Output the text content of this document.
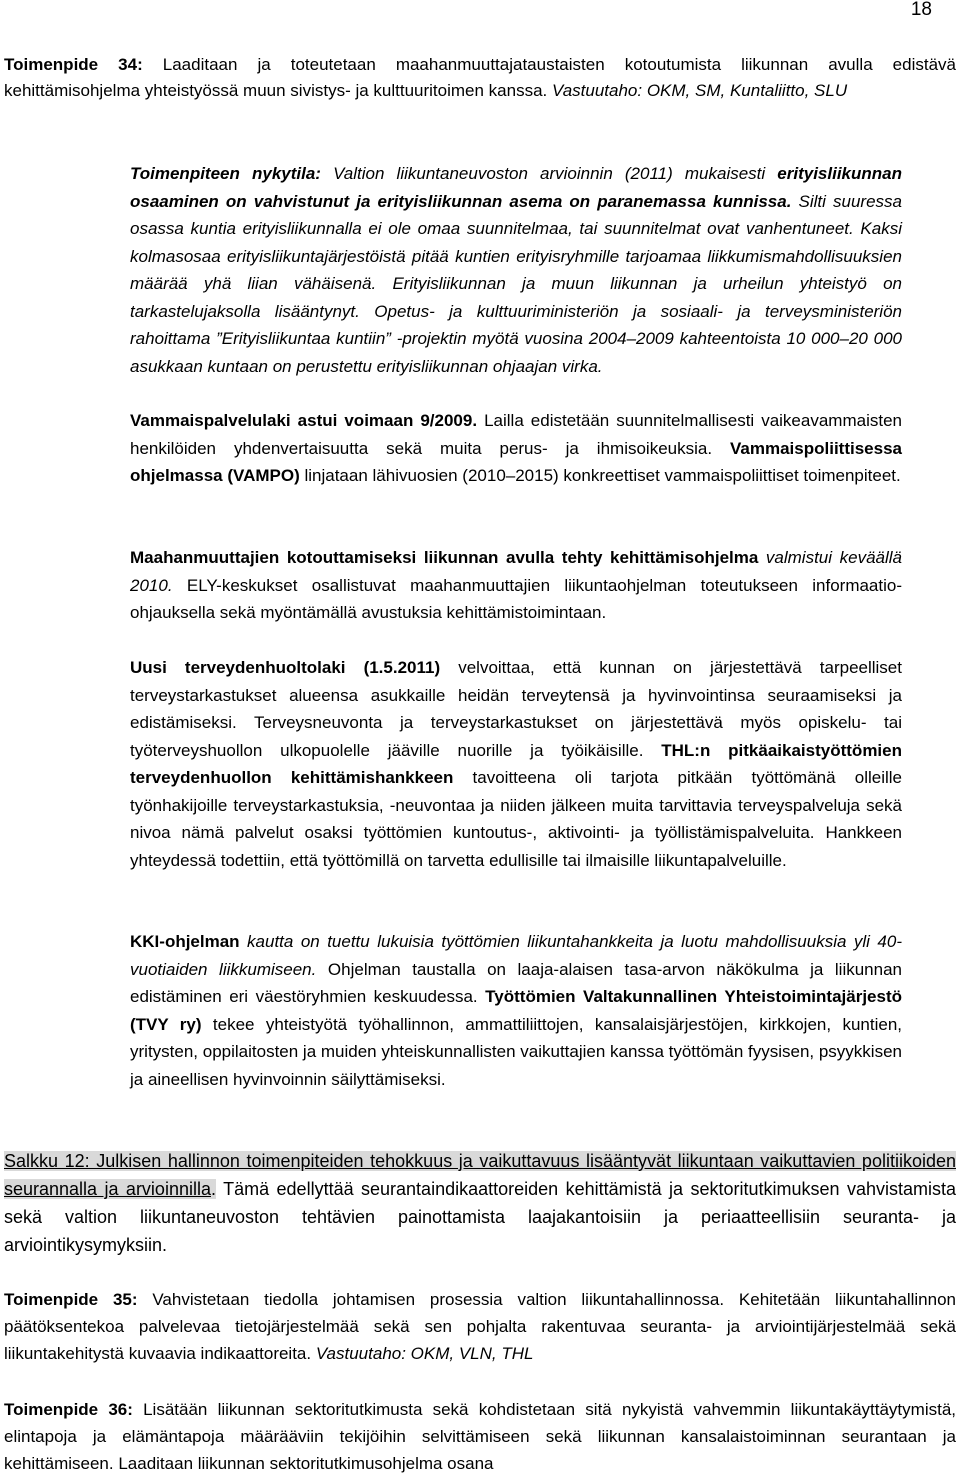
18

Toimenpide 34: Laaditaan ja toteutetaan maahanmuuttajataustaisten kotoutumista liikunnan avulla edistävä kehittämisohjelma yhteistyössä muun sivistys- ja kulttuuritoimen kanssa. Vastuutaho: OKM, SM, Kuntaliitto, SLU

Toimenpiteen nykytila: Valtion liikuntaneuvoston arvioinnin (2011) mukaisesti erityisliikunnan osaaminen on vahvistunut ja erityisliikunnan asema on paranemassa kunnissa. Silti suuressa osassa kuntia erityisliikunnalla ei ole omaa suunnitelmaa, tai suunnitelmat ovat vanhentuneet. Kaksi kolmasosaa erityisliikuntajärjestöistä pitää kuntien erityisryhmille tarjoamaa liikkumismahdollisuuksien määrää yhä liian vähäisenä. Erityisliikunnan ja muun liikunnan ja urheilun yhteistyö on tarkastelujaksolla lisääntynyt. Opetus- ja kulttuuriministeriön ja sosiaali- ja terveysministeriön rahoittama ”Erityisliikuntaa kuntiin” -projektin myötä vuosina 2004–2009 kahteentoista 10 000–20 000 asukkaan kuntaan on perustettu erityisliikunnan ohjaajan virka.

Vammaispalvelulaki astui voimaan 9/2009. Lailla edistetään suunnitelmallisesti vaikeavammaisten henkilöiden yhdenvertaisuutta sekä muita perus- ja ihmisoikeuksia. Vammaispoliittisessa ohjelmassa (VAMPO) linjataan lähivuosien (2010–2015) konkreettiset vammaispoliittiset toimenpiteet.

Maahanmuuttajien kotouttamiseksi liikunnan avulla tehty kehittämisohjelma valmistui keväällä 2010. ELY-keskukset osallistuvat maahanmuuttajien liikuntaohjelman toteutukseen informaatio-ohjauksella sekä myöntämällä avustuksia kehittämistoimintaan.

Uusi terveydenhuoltolaki (1.5.2011) velvoittaa, että kunnan on järjestettävä tarpeelliset terveystarkastukset alueensa asukkaille heidän terveytensä ja hyvinvointinsa seuraamiseksi ja edistämiseksi. Terveysneuvonta ja terveystarkastukset on järjestettävä myös opiskelu- tai työterveyshuollon ulkopuolelle jääville nuorille ja työikäisille. THL:n pitkäaikaistyöttömien terveydenhuollon kehittämishankkeen tavoitteena oli tarjota pitkään työttömänä olleille työnhakijoille terveystarkastuksia, -neuvontaa ja niiden jälkeen muita tarvittavia terveyspalveluja sekä nivoa nämä palvelut osaksi työttömien kuntoutus-, aktivointi- ja työllistämispalveluita. Hankkeen yhteydessä todettiin, että työttömillä on tarvetta edullisille tai ilmaisille liikuntapalveluille.

KKI-ohjelman kautta on tuettu lukuisia työttömien liikuntahankkeita ja luotu mahdollisuuksia yli 40-vuotiaiden liikkumiseen. Ohjelman taustalla on laaja-alaisen tasa-arvon näkökulma ja liikunnan edistäminen eri väestöryhmien keskuudessa. Työttömien Valtakunnallinen Yhteistoimintajärjestö (TVY ry) tekee yhteistyötä työhallinnon, ammattiliittojen, kansalaisjärjestöjen, kirkkojen, kuntien, yritysten, oppilaitosten ja muiden yhteiskunnallisten vaikuttajien kanssa työttömän fyysisen, psyykkisen ja aineellisen hyvinvoinnin säilyttämiseksi.

Salkku 12: Julkisen hallinnon toimenpiteiden tehokkuus ja vaikuttavuus lisääntyvät liikuntaan vaikuttavien politiikoiden seurannalla ja arvioinnilla. Tämä edellyttää seurantaindikaattoreiden kehittämistä ja sektoritutkimuksen vahvistamista sekä valtion liikuntaneuvoston tehtävien painottamista laajakantoisiin ja periaatteellisiin seuranta- ja arviointikysymyksiin.

Toimenpide 35: Vahvistetaan tiedolla johtamisen prosessia valtion liikuntahallinnossa. Kehitetään liikuntahallinnon päätöksentekoa palvelevaa tietojärjestelmää sekä sen pohjalta rakentuvaa seuranta- ja arviointijärjestelmää sekä liikuntakehitystä kuvaavia indikaattoreita. Vastuutaho: OKM, VLN, THL

Toimenpide 36: Lisätään liikunnan sektoritutkimusta sekä kohdistetaan sitä nykyistä vahvemmin liikuntakäyttäytymistä, elintapoja ja elämäntapoja määrääviin tekijöihin selvittämiseen sekä liikunnan kansalaistoiminnan seurantaan ja kehittämiseen. Laaditaan liikunnan sektoritutkimusohjelma osana
